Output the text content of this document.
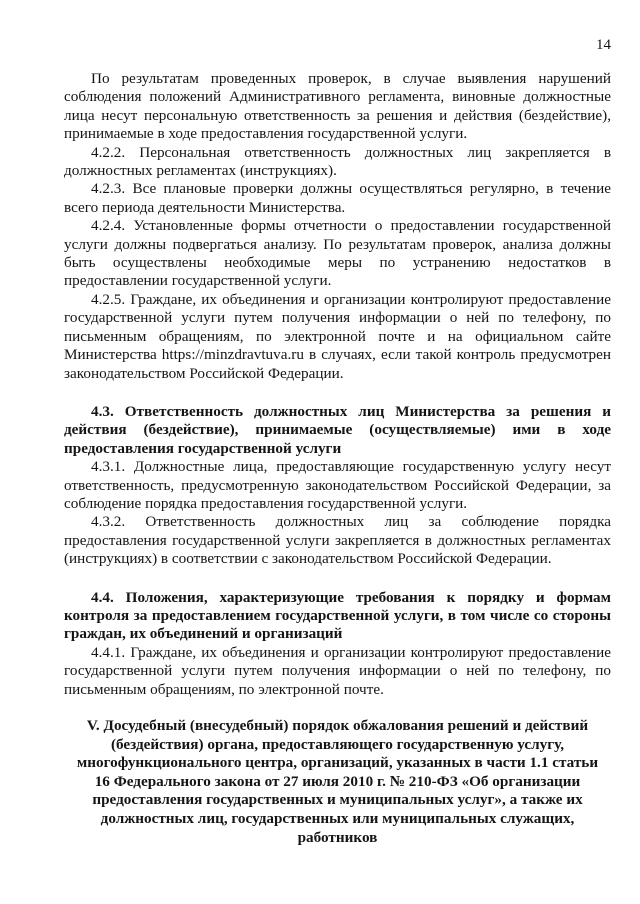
14

По результатам проведенных проверок, в случае выявления нарушений соблюдения положений Административного регламента, виновные должностные лица несут персональную ответственность за решения и действия (бездействие), принимаемые в ходе предоставления государственной услуги.

4.2.2. Персональная ответственность должностных лиц закрепляется в должностных регламентах (инструкциях).

4.2.3. Все плановые проверки должны осуществляться регулярно, в течение всего периода деятельности Министерства.

4.2.4. Установленные формы отчетности о предоставлении государственной услуги должны подвергаться анализу. По результатам проверок, анализа должны быть осуществлены необходимые меры по устранению недостатков в предоставлении государственной услуги.

4.2.5. Граждане, их объединения и организации контролируют предоставление государственной услуги путем получения информации о ней по телефону, по письменным обращениям, по электронной почте и на официальном сайте Министерства https://minzdravtuva.ru в случаях, если такой контроль предусмотрен законодательством Российской Федерации.

4.3. Ответственность должностных лиц Министерства за решения и действия (бездействие), принимаемые (осуществляемые) ими в ходе предоставления государственной услуги

4.3.1. Должностные лица, предоставляющие государственную услугу несут ответственность, предусмотренную законодательством Российской Федерации, за соблюдение порядка предоставления государственной услуги.

4.3.2. Ответственность должностных лиц за соблюдение порядка предоставления государственной услуги закрепляется в должностных регламентах (инструкциях) в соответствии с законодательством Российской Федерации.

4.4. Положения, характеризующие требования к порядку и формам контроля за предоставлением государственной услуги, в том числе со стороны граждан, их объединений и организаций

4.4.1. Граждане, их объединения и организации контролируют предоставление государственной услуги путем получения информации о ней по телефону, по письменным обращениям, по электронной почте.

V. Досудебный (внесудебный) порядок обжалования решений и действий (бездействия) органа, предоставляющего государственную услугу, многофункционального центра, организаций, указанных в части 1.1 статьи 16 Федерального закона от 27 июля 2010 г. № 210-ФЗ «Об организации предоставления государственных и муниципальных услуг», а также их должностных лиц, государственных или муниципальных служащих, работников
